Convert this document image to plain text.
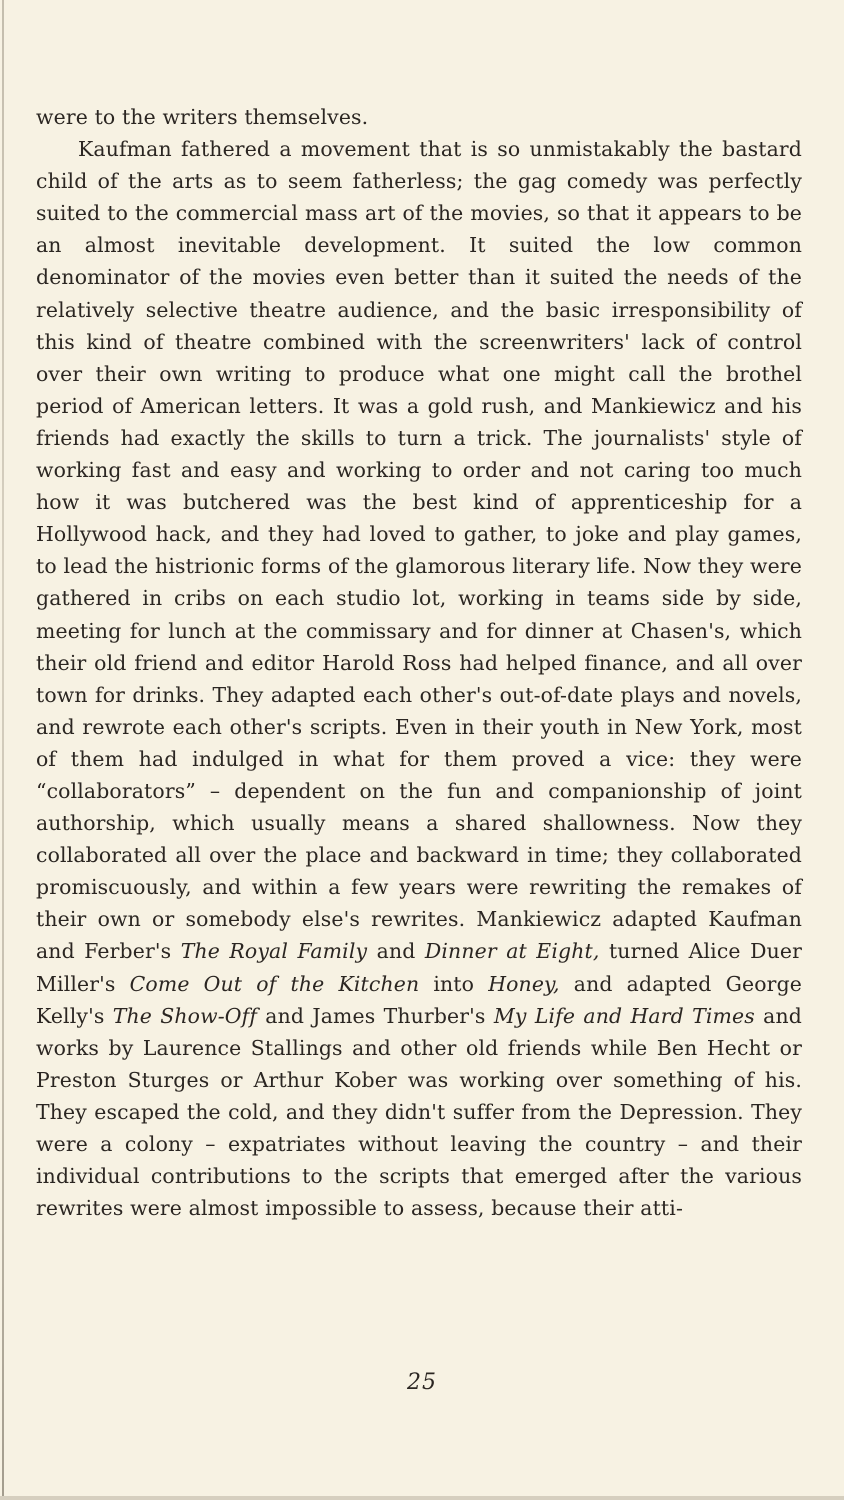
were to the writers themselves.

Kaufman fathered a movement that is so unmistakably the bastard child of the arts as to seem fatherless; the gag comedy was perfectly suited to the commercial mass art of the movies, so that it appears to be an almost inevitable development. It suited the low common denominator of the movies even better than it suited the needs of the relatively selective theatre audience, and the basic irresponsibility of this kind of theatre combined with the screenwriters' lack of control over their own writing to produce what one might call the brothel period of American letters. It was a gold rush, and Mankiewicz and his friends had exactly the skills to turn a trick. The journalists' style of working fast and easy and working to order and not caring too much how it was butchered was the best kind of apprenticeship for a Hollywood hack, and they had loved to gather, to joke and play games, to lead the histrionic forms of the glamorous literary life. Now they were gathered in cribs on each studio lot, working in teams side by side, meeting for lunch at the commissary and for dinner at Chasen's, which their old friend and editor Harold Ross had helped finance, and all over town for drinks. They adapted each other's out-of-date plays and novels, and rewrote each other's scripts. Even in their youth in New York, most of them had indulged in what for them proved a vice: they were “collaborators” – dependent on the fun and companionship of joint authorship, which usually means a shared shallowness. Now they collaborated all over the place and backward in time; they collaborated promiscuously, and within a few years were rewriting the remakes of their own or somebody else's rewrites. Mankiewicz adapted Kaufman and Ferber's The Royal Family and Dinner at Eight, turned Alice Duer Miller's Come Out of the Kitchen into Honey, and adapted George Kelly's The Show-Off and James Thurber's My Life and Hard Times and works by Laurence Stallings and other old friends while Ben Hecht or Preston Sturges or Arthur Kober was working over something of his. They escaped the cold, and they didn't suffer from the Depression. They were a colony – expatriates without leaving the country – and their individual contributions to the scripts that emerged after the various rewrites were almost impossible to assess, because their atti-

25
